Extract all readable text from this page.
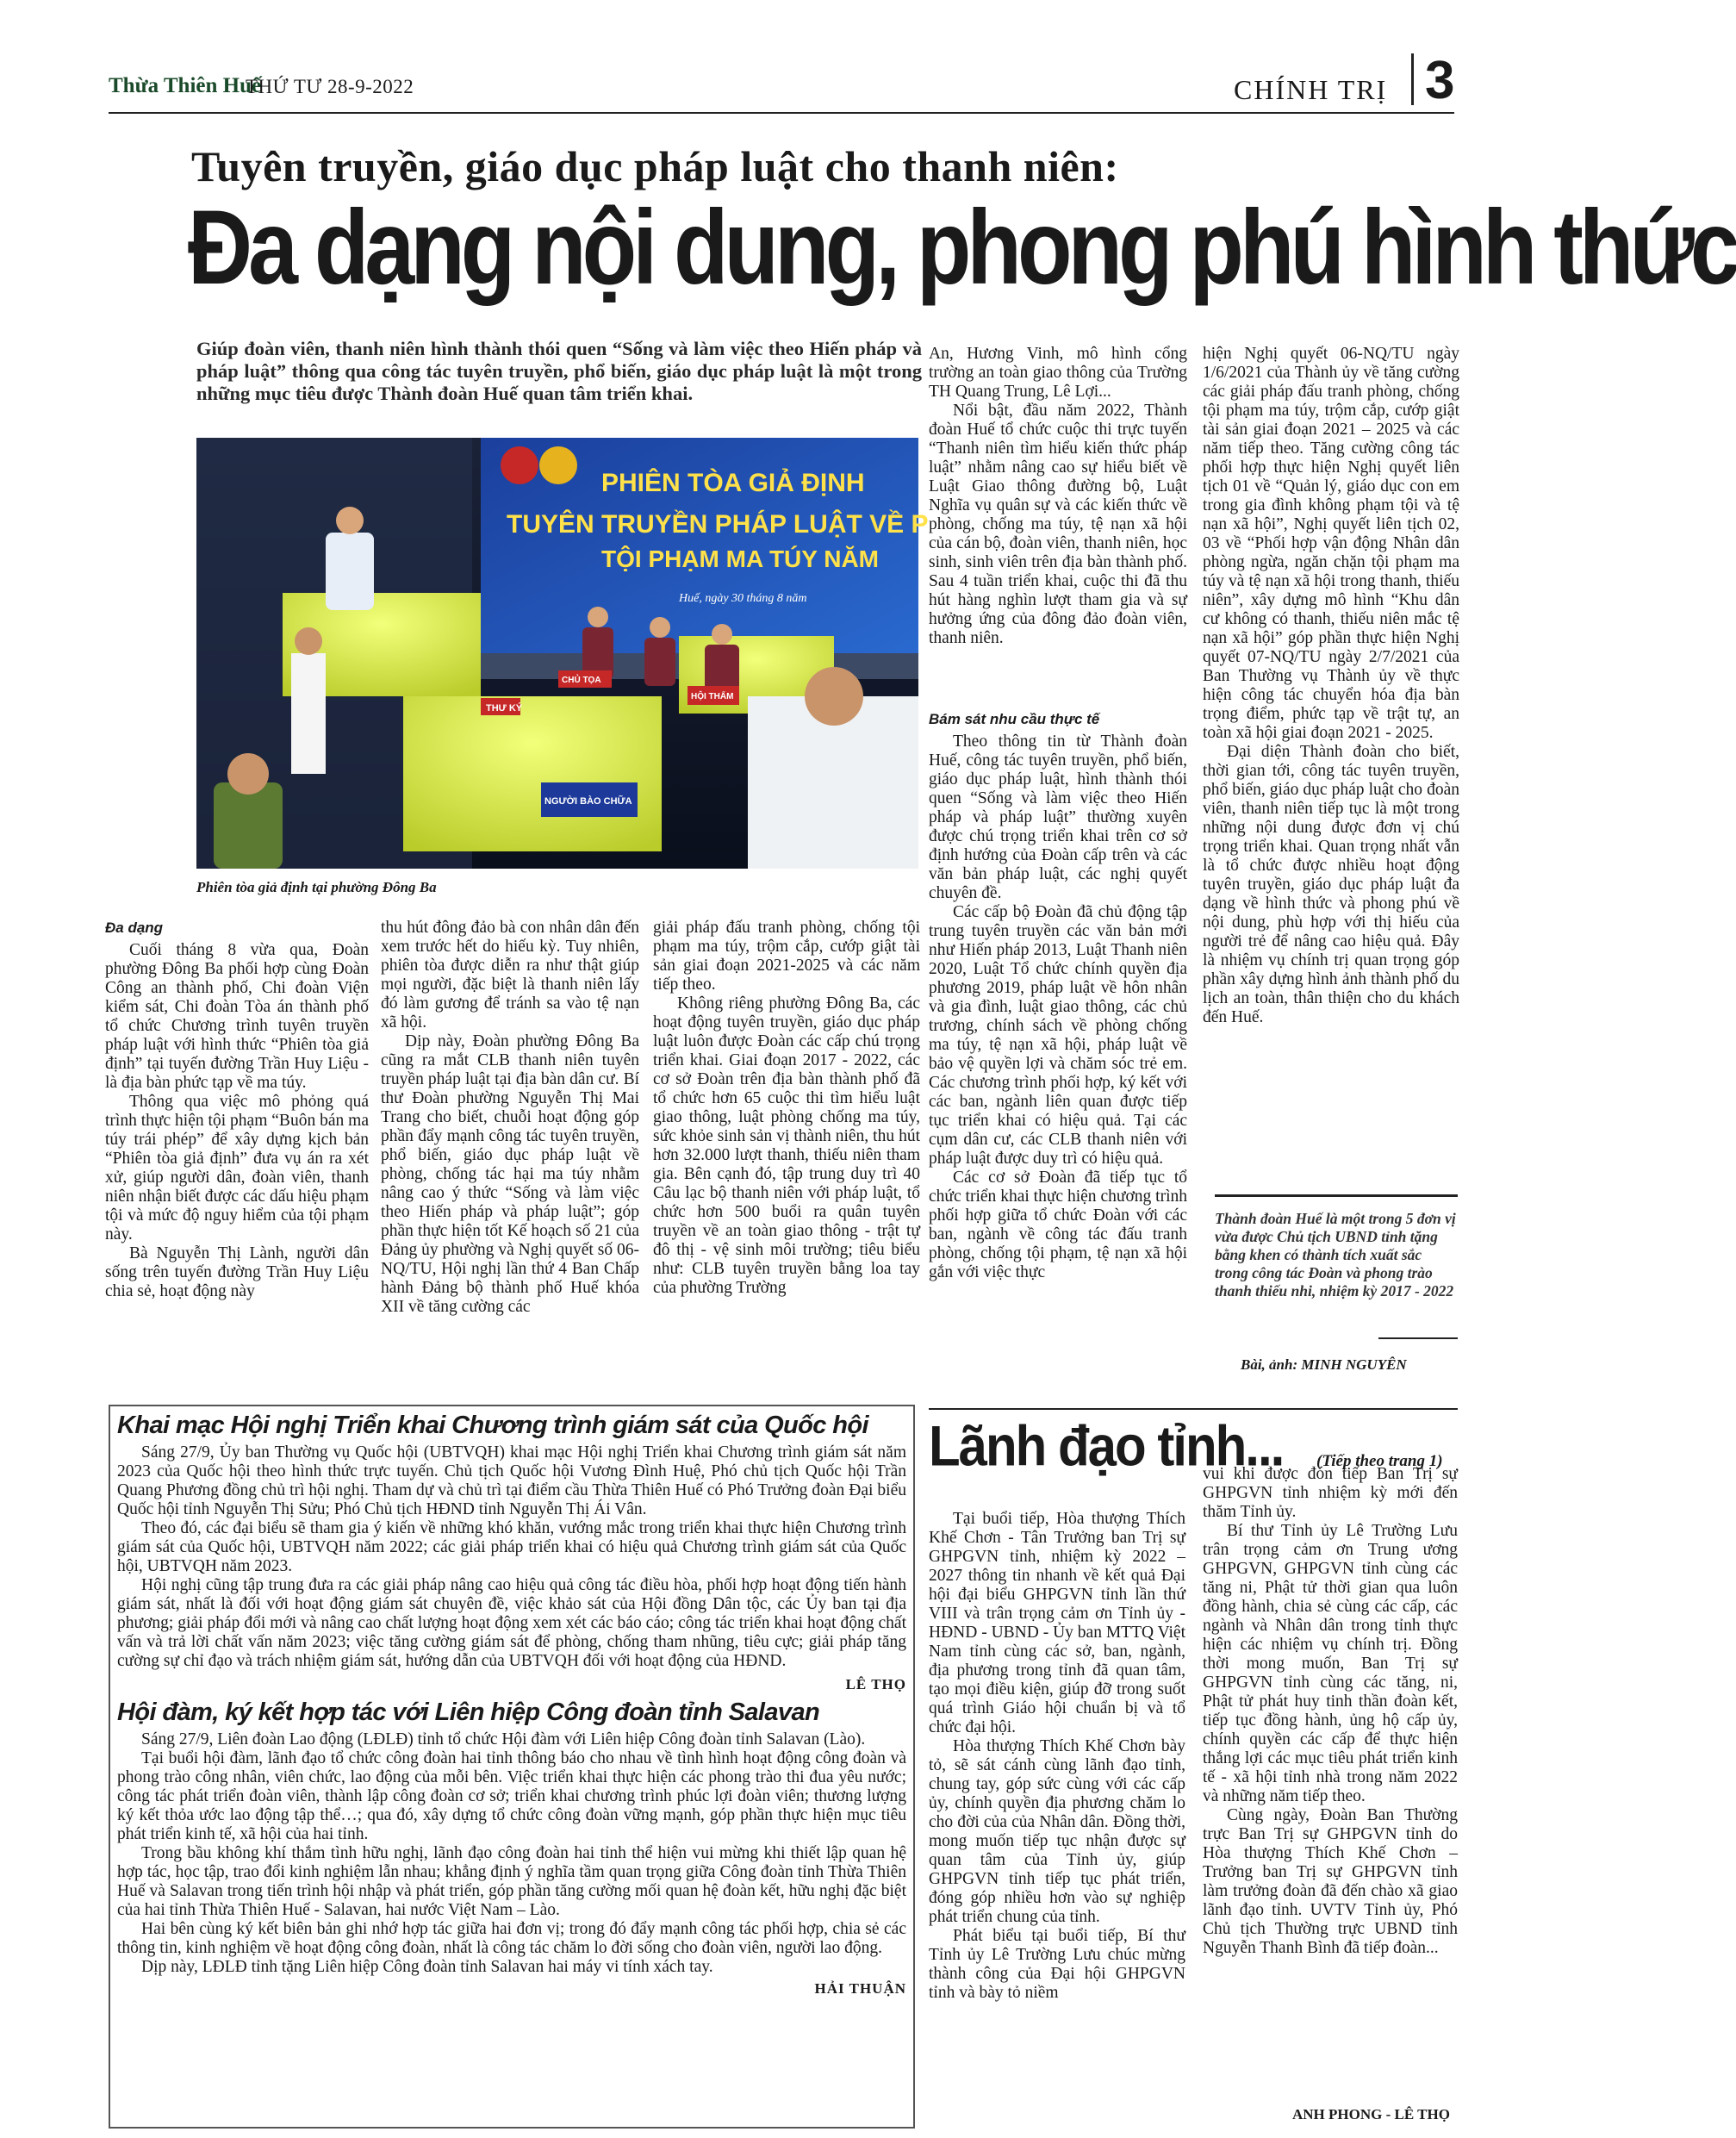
Thừa Thiên Huế
THỨ TƯ 28-9-2022	CHÍNH TRỊ 3
Tuyên truyền, giáo dục pháp luật cho thanh niên:
Đa dạng nội dung, phong phú hình thức
Giúp đoàn viên, thanh niên hình thành thói quen “Sống và làm việc theo Hiến pháp và pháp luật” thông qua công tác tuyên truyền, phổ biến, giáo dục pháp luật là một trong những mục tiêu được Thành đoàn Huế quan tâm triển khai.
PHIÊN TÒA GIẢ ĐỊNH
TUYÊN TRUYỀN PHÁP LUẬT VỀ P
TỘI PHẠM MA TÚY NĂM
Huế, ngày 30 tháng 8 năm
THƯ KÝ
HỘI THẨM
CHỦ TỌA
NGƯỜI BÀO CHỮA
Phiên tòa giả định tại phường Đông Ba
Đa dạng

Cuối tháng 8 vừa qua, Đoàn phường Đông Ba phối hợp cùng Đoàn Công an thành phố, Chi đoàn Viện kiểm sát, Chi đoàn Tòa án thành phố tổ chức Chương trình tuyên truyền pháp luật với hình thức “Phiên tòa giả định” tại tuyến đường Trần Huy Liệu - là địa bàn phức tạp về ma túy.

Thông qua việc mô phỏng quá trình thực hiện tội phạm “Buôn bán ma túy trái phép” để xây dựng kịch bản “Phiên tòa giả định” đưa vụ án ra xét xử, giúp người dân, đoàn viên, thanh niên nhận biết được các dấu hiệu phạm tội và mức độ nguy hiểm của tội phạm này.

Bà Nguyễn Thị Lành, người dân sống trên tuyến đường Trần Huy Liệu chia sẻ, hoạt động này

thu hút đông đảo bà con nhân dân đến xem trước hết do hiếu kỳ. Tuy nhiên, phiên tòa được diễn ra như thật giúp mọi người, đặc biệt là thanh niên lấy đó làm gương để tránh sa vào tệ nạn xã hội.

Dịp này, Đoàn phường Đông Ba cũng ra mắt CLB thanh niên tuyên truyền pháp luật tại địa bàn dân cư. Bí thư Đoàn phường Nguyễn Thị Mai Trang cho biết, chuỗi hoạt động góp phần đẩy mạnh công tác tuyên truyền, phổ biến, giáo dục pháp luật về phòng, chống tác hại ma túy nhằm nâng cao ý thức “Sống và làm việc theo Hiến pháp và pháp luật”; góp phần thực hiện tốt Kế hoạch số 21 của Đảng ủy phường và Nghị quyết số 06-NQ/TU, Hội nghị lần thứ 4 Ban Chấp hành Đảng bộ thành phố Huế khóa XII về tăng cường các

giải pháp đấu tranh phòng, chống tội phạm ma túy, trộm cắp, cướp giật tài sản giai đoạn 2021-2025 và các năm tiếp theo.

Không riêng phường Đông Ba, các hoạt động tuyên truyền, giáo dục pháp luật luôn được Đoàn các cấp chú trọng triển khai. Giai đoạn 2017 - 2022, các cơ sở Đoàn trên địa bàn thành phố đã tổ chức hơn 65 cuộc thi tìm hiểu luật giao thông, luật phòng chống ma túy, sức khỏe sinh sản vị thành niên, thu hút hơn 32.000 lượt thanh, thiếu niên tham gia. Bên cạnh đó, tập trung duy trì 40 Câu lạc bộ thanh niên với pháp luật, tổ chức hơn 500 buổi ra quân tuyên truyền về an toàn giao thông - trật tự đô thị - vệ sinh môi trường; tiêu biểu như: CLB tuyên truyền bằng loa tay của phường Trường

An, Hương Vinh, mô hình cổng trường an toàn giao thông của Trường TH Quang Trung, Lê Lợi...

Nổi bật, đầu năm 2022, Thành đoàn Huế tổ chức cuộc thi trực tuyến “Thanh niên tìm hiểu kiến thức pháp luật” nhằm nâng cao sự hiểu biết về Luật Giao thông đường bộ, Luật Nghĩa vụ quân sự và các kiến thức về phòng, chống ma túy, tệ nạn xã hội của cán bộ, đoàn viên, thanh niên, học sinh, sinh viên trên địa bàn thành phố. Sau 4 tuần triển khai, cuộc thi đã thu hút hàng nghìn lượt tham gia và sự hưởng ứng của đông đảo đoàn viên, thanh niên.

Bám sát nhu cầu thực tế

Theo thông tin từ Thành đoàn Huế, công tác tuyên truyền, phổ biến, giáo dục pháp luật, hình thành thói quen “Sống và làm việc theo Hiến pháp và pháp luật” thường xuyên được chú trọng triển khai trên cơ sở định hướng của Đoàn cấp trên và các văn bản pháp luật, các nghị quyết chuyên đề.

Các cấp bộ Đoàn đã chủ động tập trung tuyên truyền các văn bản mới như Hiến pháp 2013, Luật Thanh niên 2020, Luật Tổ chức chính quyền địa phương 2019, pháp luật về hôn nhân và gia đình, luật giao thông, các chủ trương, chính sách về phòng chống ma túy, tệ nạn xã hội, pháp luật về bảo vệ quyền lợi và chăm sóc trẻ em. Các chương trình phối hợp, ký kết với các ban, ngành liên quan được tiếp tục triển khai có hiệu quả. Tại các cụm dân cư, các CLB thanh niên với pháp luật được duy trì có hiệu quả.

Các cơ sở Đoàn đã tiếp tục tổ chức triển khai thực hiện chương trình phối hợp giữa tổ chức Đoàn với các ban, ngành về công tác đấu tranh phòng, chống tội phạm, tệ nạn xã hội gắn với việc thực

hiện Nghị quyết 06-NQ/TU ngày 1/6/2021 của Thành ủy về tăng cường các giải pháp đấu tranh phòng, chống tội phạm ma túy, trộm cắp, cướp giật tài sản giai đoạn 2021 – 2025 và các năm tiếp theo. Tăng cường công tác phối hợp thực hiện Nghị quyết liên tịch 01 về “Quản lý, giáo dục con em trong gia đình không phạm tội và tệ nạn xã hội”, Nghị quyết liên tịch 02, 03 về “Phối hợp vận động Nhân dân phòng ngừa, ngăn chặn tội phạm ma túy và tệ nạn xã hội trong thanh, thiếu niên”, xây dựng mô hình “Khu dân cư không có thanh, thiếu niên mắc tệ nạn xã hội” góp phần thực hiện Nghị quyết 07-NQ/TU ngày 2/7/2021 của Ban Thường vụ Thành ủy về thực hiện công tác chuyển hóa địa bàn trọng điểm, phức tạp về trật tự, an toàn xã hội giai đoạn 2021 - 2025.

Đại diện Thành đoàn cho biết, thời gian tới, công tác tuyên truyền, phổ biến, giáo dục pháp luật cho đoàn viên, thanh niên tiếp tục là một trong những nội dung được đơn vị chú trọng triển khai. Quan trọng nhất vẫn là tổ chức được nhiều hoạt động tuyên truyền, giáo dục pháp luật đa dạng về hình thức và phong phú về nội dung, phù hợp với thị hiếu của người trẻ để nâng cao hiệu quả. Đây là nhiệm vụ chính trị quan trọng góp phần xây dựng hình ảnh thành phố du lịch an toàn, thân thiện cho du khách đến Huế.

Thành đoàn Huế là một trong 5 đơn vị vừa được Chủ tịch UBND tỉnh tặng bằng khen có thành tích xuất sắc trong công tác Đoàn và phong trào thanh thiếu nhi, nhiệm kỳ 2017 - 2022
Bài, ảnh: MINH NGUYÊN
Khai mạc Hội nghị Triển khai Chương trình giám sát của Quốc hội

Sáng 27/9, Ủy ban Thường vụ Quốc hội (UBTVQH) khai mạc Hội nghị Triển khai Chương trình giám sát năm 2023 của Quốc hội theo hình thức trực tuyến. Chủ tịch Quốc hội Vương Đình Huệ, Phó chủ tịch Quốc hội Trần Quang Phương đồng chủ trì hội nghị. Tham dự và chủ trì tại điểm cầu Thừa Thiên Huế có Phó Trưởng đoàn Đại biểu Quốc hội tỉnh Nguyễn Thị Sửu; Phó Chủ tịch HĐND tỉnh Nguyễn Thị Ái Vân.

Theo đó, các đại biểu sẽ tham gia ý kiến về những khó khăn, vướng mắc trong triển khai thực hiện Chương trình giám sát của Quốc hội, UBTVQH năm 2022; các giải pháp triển khai có hiệu quả Chương trình giám sát của Quốc hội, UBTVQH năm 2023.

Hội nghị cũng tập trung đưa ra các giải pháp nâng cao hiệu quả công tác điều hòa, phối hợp hoạt động tiến hành giám sát, nhất là đối với hoạt động giám sát chuyên đề, việc khảo sát của Hội đồng Dân tộc, các Ủy ban tại địa phương; giải pháp đổi mới và nâng cao chất lượng hoạt động xem xét các báo cáo; công tác triển khai hoạt động chất vấn và trả lời chất vấn năm 2023; việc tăng cường giám sát để phòng, chống tham nhũng, tiêu cực; giải pháp tăng cường sự chỉ đạo và trách nhiệm giám sát, hướng dẫn của UBTVQH đối với hoạt động của HĐND.

LÊ THỌ
Hội đàm, ký kết hợp tác với Liên hiệp Công đoàn tỉnh Salavan

Sáng 27/9, Liên đoàn Lao động (LĐLĐ) tỉnh tổ chức Hội đàm với Liên hiệp Công đoàn tỉnh Salavan (Lào).

Tại buổi hội đàm, lãnh đạo tổ chức công đoàn hai tỉnh thông báo cho nhau về tình hình hoạt động công đoàn và phong trào công nhân, viên chức, lao động của mỗi bên. Việc triển khai thực hiện các phong trào thi đua yêu nước; công tác phát triển đoàn viên, thành lập công đoàn cơ sở; triển khai chương trình phúc lợi đoàn viên; thương lượng ký kết thỏa ước lao động tập thể…; qua đó, xây dựng tổ chức công đoàn vững mạnh, góp phần thực hiện mục tiêu phát triển kinh tế, xã hội của hai tỉnh.

Trong bầu không khí thắm tình hữu nghị, lãnh đạo công đoàn hai tỉnh thể hiện vui mừng khi thiết lập quan hệ hợp tác, học tập, trao đổi kinh nghiệm lẫn nhau; khẳng định ý nghĩa tầm quan trọng giữa Công đoàn tỉnh Thừa Thiên Huế và Salavan trong tiến trình hội nhập và phát triển, góp phần tăng cường mối quan hệ đoàn kết, hữu nghị đặc biệt của hai tỉnh Thừa Thiên Huế - Salavan, hai nước Việt Nam – Lào.

Hai bên cùng ký kết biên bản ghi nhớ hợp tác giữa hai đơn vị; trong đó đẩy mạnh công tác phối hợp, chia sẻ các thông tin, kinh nghiệm về hoạt động công đoàn, nhất là công tác chăm lo đời sống cho đoàn viên, người lao động.

Dịp này, LĐLĐ tỉnh tặng Liên hiệp Công đoàn tỉnh Salavan hai máy vi tính xách tay.

HẢI THUẬN
Lãnh đạo tỉnh... (Tiếp theo trang 1)

Tại buổi tiếp, Hòa thượng Thích Khế Chơn - Tân Trưởng ban Trị sự GHPGVN tỉnh, nhiệm kỳ 2022 – 2027 thông tin nhanh về kết quả Đại hội đại biểu GHPGVN tỉnh lần thứ VIII và trân trọng cảm ơn Tỉnh ủy - HĐND - UBND - Ủy ban MTTQ Việt Nam tỉnh cùng các sở, ban, ngành, địa phương trong tỉnh đã quan tâm, tạo mọi điều kiện, giúp đỡ trong suốt quá trình Giáo hội chuẩn bị và tổ chức đại hội.

Hòa thượng Thích Khế Chơn bày tỏ, sẽ sát cánh cùng lãnh đạo tỉnh, chung tay, góp sức cùng với các cấp ủy, chính quyền địa phương chăm lo cho đời của của Nhân dân. Đồng thời, mong muốn tiếp tục nhận được sự quan tâm của Tỉnh ủy, giúp GHPGVN tỉnh tiếp tục phát triển, đóng góp nhiều hơn vào sự nghiệp phát triển chung của tỉnh.

Phát biểu tại buổi tiếp, Bí thư Tỉnh ủy Lê Trường Lưu chúc mừng thành công của Đại hội GHPGVN tỉnh và bày tỏ niềm

vui khi được đón tiếp Ban Trị sự GHPGVN tỉnh nhiệm kỳ mới đến thăm Tỉnh ủy.

Bí thư Tỉnh ủy Lê Trường Lưu trân trọng cảm ơn Trung ương GHPGVN, GHPGVN tỉnh cùng các tăng ni, Phật tử thời gian qua luôn đồng hành, chia sẻ cùng các cấp, các ngành và Nhân dân trong tỉnh thực hiện các nhiệm vụ chính trị. Đồng thời mong muốn, Ban Trị sự GHPGVN tỉnh cùng các tăng, ni, Phật tử phát huy tinh thần đoàn kết, tiếp tục đồng hành, ủng hộ cấp ủy, chính quyền các cấp để thực hiện thắng lợi các mục tiêu phát triển kinh tế - xã hội tỉnh nhà trong năm 2022 và những năm tiếp theo.

Cùng ngày, Đoàn Ban Thường trực Ban Trị sự GHPGVN tỉnh do Hòa thượng Thích Khế Chơn – Trưởng ban Trị sự GHPGVN tỉnh làm trưởng đoàn đã đến chào xã giao lãnh đạo tỉnh. UVTV Tỉnh ủy, Phó Chủ tịch Thường trực UBND tỉnh Nguyễn Thanh Bình đã tiếp đoàn...

ANH PHONG - LÊ THỌ
